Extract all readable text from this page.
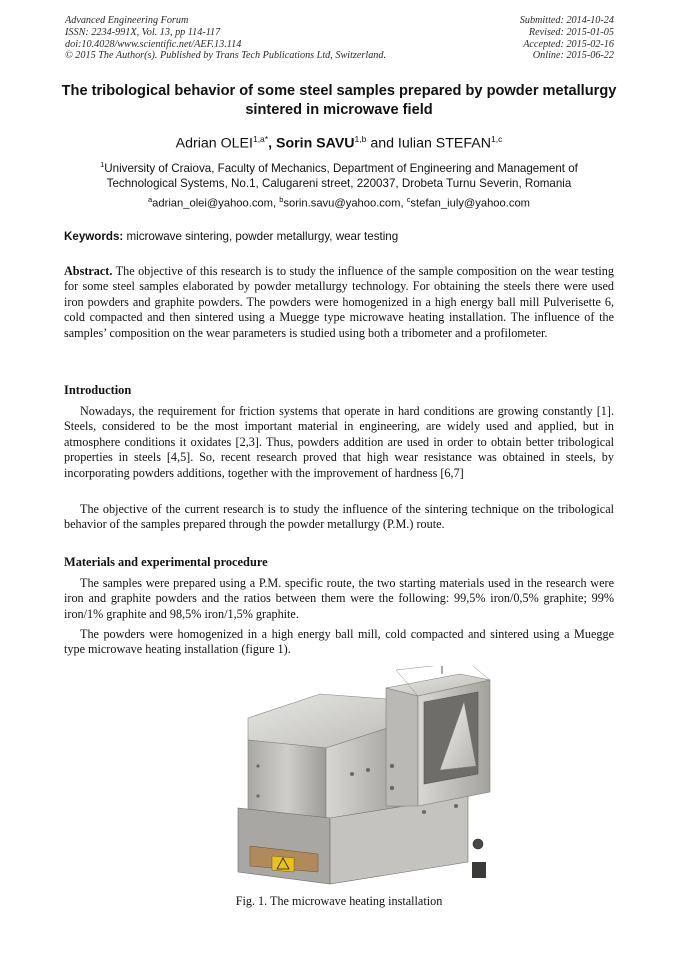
Advanced Engineering Forum
ISSN: 2234-991X, Vol. 13, pp 114-117
doi:10.4028/www.scientific.net/AEF.13.114
© 2015 The Author(s). Published by Trans Tech Publications Ltd, Switzerland.
Submitted: 2014-10-24
Revised: 2015-01-05
Accepted: 2015-02-16
Online: 2015-06-22
The tribological behavior of some steel samples prepared by powder metallurgy sintered in microwave field
Adrian $OLEI^{1,a*}$, Sorin SAVU$^{1,b}$ and Iulian STEFAN$^{1,c}$
$^1$University of Craiova, Faculty of Mechanics, Department of Engineering and Management of Technological Systems, No.1, Calugareni street, 220037, Drobeta Turnu Severin, Romania
$^a$adrian_olei@yahoo.com, $^b$sorin.savu@yahoo.com, $^c$stefan_iuly@yahoo.com
Keywords: microwave sintering, powder metallurgy, wear testing
Abstract. The objective of this research is to study the influence of the sample composition on the wear testing for some steel samples elaborated by powder metallurgy technology. For obtaining the steels there were used iron powders and graphite powders. The powders were homogenized in a high energy ball mill Pulverisette 6, cold compacted and then sintered using a Muegge type microwave heating installation. The influence of the samples’ composition on the wear parameters is studied using both a tribometer and a profilometer.
Introduction
Nowadays, the requirement for friction systems that operate in hard conditions are growing constantly [1]. Steels, considered to be the most important material in engineering, are widely used and applied, but in atmosphere conditions it oxidates [2,3]. Thus, powders addition are used in order to obtain better tribological properties in steels [4,5]. So, recent research proved that high wear resistance was obtained in steels, by incorporating powders additions, together with the improvement of hardness [6,7]
The objective of the current research is to study the influence of the sintering technique on the tribological behavior of the samples prepared through the powder metallurgy (P.M.) route.
Materials and experimental procedure
The samples were prepared using a P.M. specific route, the two starting materials used in the research were iron and graphite powders and the ratios between them were the following: 99,5% iron/0,5% graphite; 99% iron/1% graphite and 98,5% iron/1,5% graphite.
The powders were homogenized in a high energy ball mill, cold compacted and sintered using a Muegge type microwave heating installation (figure 1).
Fig. 1. The microwave heating installation
